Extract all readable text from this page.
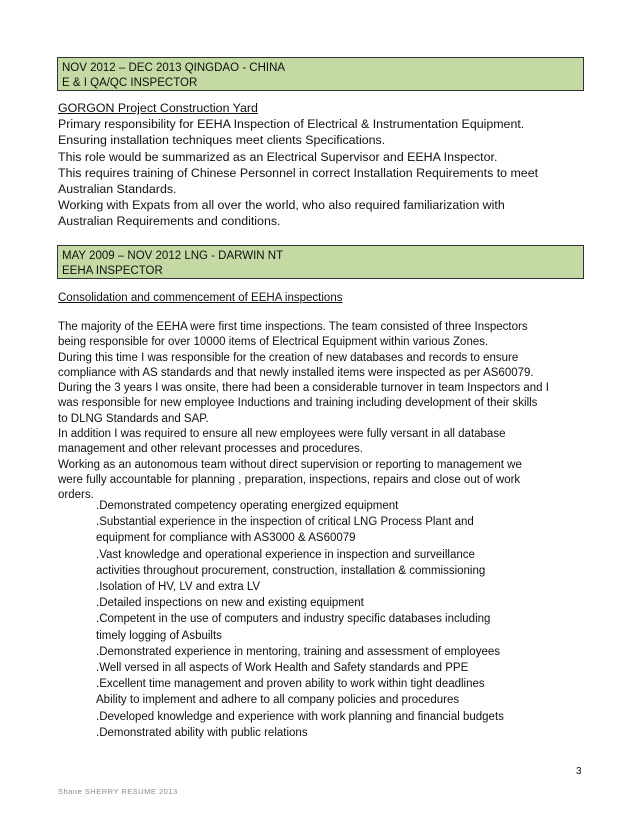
NOV 2012 – DEC 2013 QINGDAO - CHINA
E & I QA/QC INSPECTOR
GORGON Project Construction Yard
Primary responsibility for EEHA Inspection of Electrical & Instrumentation Equipment.
Ensuring installation techniques meet clients Specifications.
This role would be summarized as an Electrical Supervisor and EEHA Inspector.
This requires training of Chinese Personnel in correct Installation Requirements to meet
Australian Standards.
Working with Expats from all over the world, who also required familiarization with
Australian Requirements and conditions.
MAY 2009 – NOV 2012 LNG - DARWIN NT
EEHA INSPECTOR
Consolidation and commencement of EEHA inspections
The majority of the EEHA were first time inspections. The team consisted of three Inspectors
being responsible for over 10000 items of Electrical Equipment within various Zones.
During this time I was responsible for the creation of new databases and records to ensure
compliance with AS standards and that newly installed items were inspected as per AS60079.
During the 3 years I was onsite, there had been a considerable turnover in team Inspectors and I
was responsible for new employee Inductions and training including development of their skills
to DLNG Standards and SAP.
In addition I was required to ensure all new employees were fully versant in all database
management and other relevant processes and procedures.
Working as an autonomous team without direct supervision or reporting to management we
were fully accountable for planning , preparation, inspections, repairs and close out of work
orders.
.Demonstrated competency operating energized equipment
.Substantial experience in the inspection of critical LNG Process Plant and
equipment for compliance with AS3000 & AS60079
.Vast knowledge and operational experience in inspection and surveillance
activities throughout procurement, construction, installation & commissioning
.Isolation of HV, LV and extra LV
.Detailed inspections on new and existing equipment
.Competent in the use of computers and industry specific databases including
timely logging of Asbuilts
.Demonstrated experience in mentoring, training and assessment of employees
.Well versed in all aspects of Work Health and Safety standards and PPE
.Excellent time management and proven ability to work within tight deadlines
Ability to implement and adhere to all company policies and procedures
.Developed knowledge and experience with work planning and financial budgets
.Demonstrated ability with public relations
3
Shane SHERRY RESUME 2013
